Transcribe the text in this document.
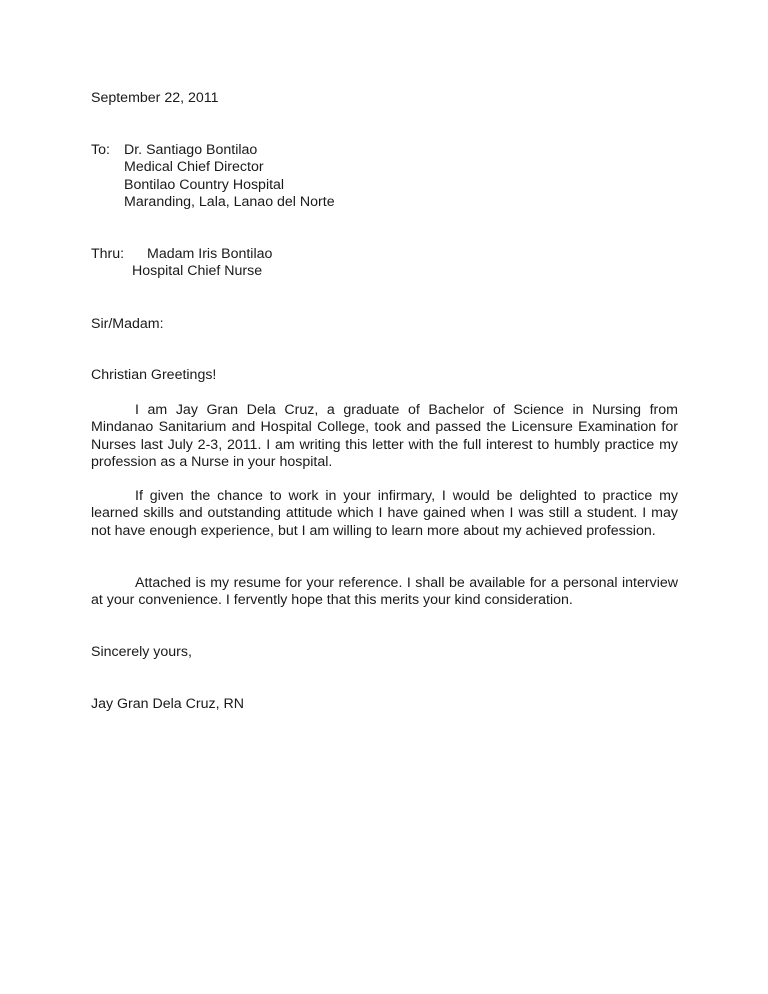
September 22, 2011
To: Dr. Santiago Bontilao
Medical Chief Director
Bontilao Country Hospital
Maranding, Lala, Lanao del Norte
Thru: Madam Iris Bontilao
Hospital Chief Nurse
Sir/Madam:
Christian Greetings!
I am Jay Gran Dela Cruz, a graduate of Bachelor of Science in Nursing from Mindanao Sanitarium and Hospital College, took and passed the Licensure Examination for Nurses last July 2-3, 2011. I am writing this letter with the full interest to humbly practice my profession as a Nurse in your hospital.
If given the chance to work in your infirmary, I would be delighted to practice my learned skills and outstanding attitude which I have gained when I was still a student. I may not have enough experience, but I am willing to learn more about my achieved profession.
Attached is my resume for your reference. I shall be available for a personal interview at your convenience. I fervently hope that this merits your kind consideration.
Sincerely yours,
Jay Gran Dela Cruz, RN
